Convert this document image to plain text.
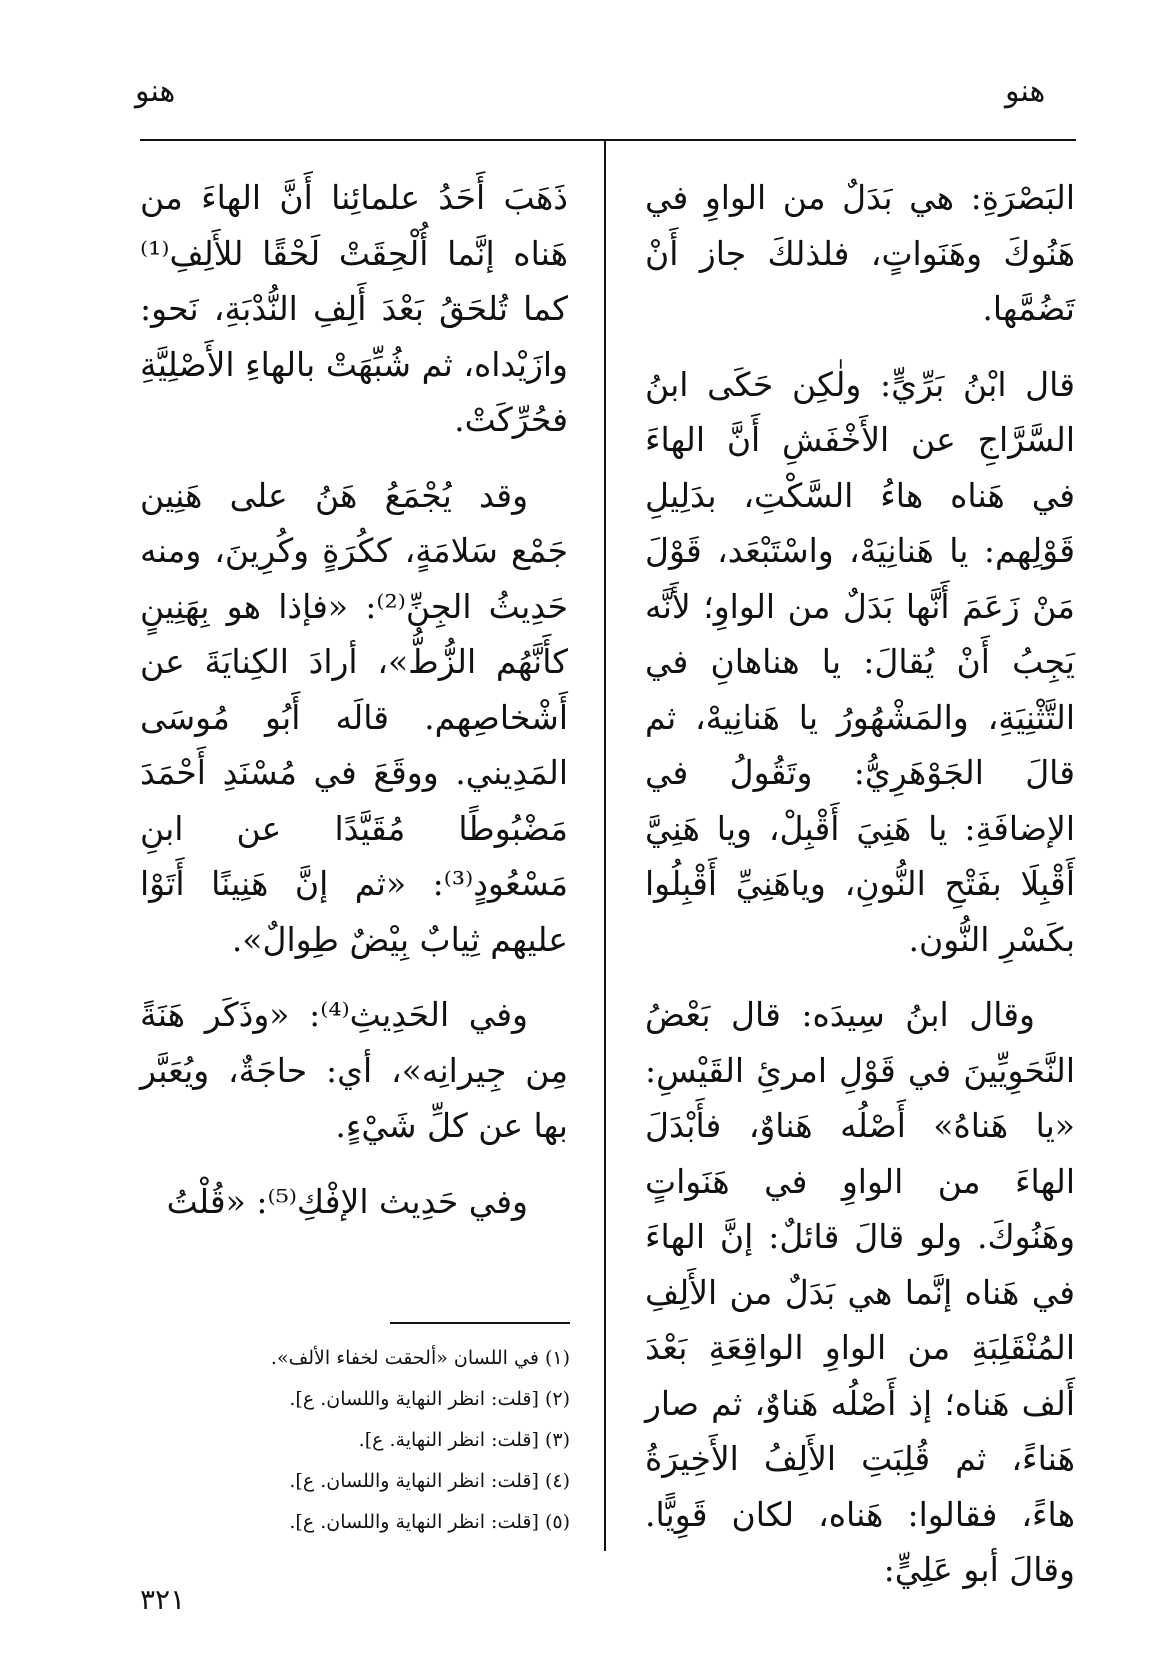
هنو
هنو

البَصْرَةِ: هي بَدَلٌ من الواوِ في هَنُوكَ وهَنَواتٍ، فلذلكَ جاز أَنْ تَضُمَّها.

قال ابْنُ بَرِّيٍّ: ولٰكِن حَكَى ابنُ السَّرَّاجِ عن الأَخْفَشِ أَنَّ الهاءَ في هَناه هاءُ السَّكْتِ، بدَلِيلِ قَوْلِهم: يا هَنانِيَهْ، واسْتَبْعَد، قَوْلَ مَنْ زَعَمَ أَنَّها بَدَلٌ من الواوِ؛ لأَنَّه يَجِبُ أَنْ يُقالَ: يا هناهانِ في التَّثْنِيَةِ، والمَشْهُورُ يا هَنانِيهْ، ثم قالَ الجَوْهَرِيُّ: وتَقُولُ في الإضافَةِ: يا هَنِيَ أَقْبِلْ، ويا هَنِيَّ أَقْبِلَا بفَتْحِ النُّونِ، وياهَنِيِّ أَقْبِلُوا بكَسْرِ النُّون.

وقال ابنُ سِيدَه: قال بَعْضُ النَّحَوِيِّينَ في قَوْلِ امرئِ القَيْسِ: «يا هَناهُ» أَصْلُه هَناوٌ، فأَبْدَلَ الهاءَ من الواوِ في هَنَواتٍ وهَنُوكَ. ولو قالَ قائلٌ: إنَّ الهاءَ في هَناه إنَّما هي بَدَلٌ من الأَلِفِ المُنْقَلِبَةِ من الواوِ الواقِعَةِ بَعْدَ أَلف هَناه؛ إذ أَصْلُه هَناوٌ، ثم صار هَناءً، ثم قُلِبَتِ الأَلِفُ الأَخِيرَةُ هاءً، فقالوا: هَناه، لكان قَوِيًّا. وقالَ أبو عَلِيٍّ:

ذَهَبَ أَحَدُ علمائِنا أَنَّ الهاءَ من هَناه إنَّما أُلْحِقَتْ لَحْقًا للأَلِفِ⁽¹⁾ كما تُلحَقُ بَعْدَ أَلِفِ النُّدْبَةِ، نَحو: وازَيْداه، ثم شُبِّهَتْ بالهاءِ الأَصْلِيَّةِ فحُرِّكَتْ.

وقد يُجْمَعُ هَنُ على هَنِين جَمْع سَلامَةٍ، ككُرَةٍ وكُرِينَ، ومنه حَدِيثُ الجِنِّ⁽²⁾: «فإذا هو بِهَنِينٍ كأَنَّهُم الزُّطُّ»، أرادَ الكِنايَةَ عن أَشْخاصِهم. قالَه أَبُو مُوسَى المَدِيني. ووقَعَ في مُسْنَدِ أَحْمَدَ مَضْبُوطًا مُقَيَّدًا عن ابنِ مَسْعُودٍ⁽³⁾: «ثم إنَّ هَنِينًا أَتَوْا عليهم ثِيابٌ بِيْضٌ طِوالٌ».

وفي الحَدِيثِ⁽⁴⁾: «وذَكَر هَنَةً مِن جِيرانِه»، أي: حاجَةٌ، ويُعَبَّر بها عن كلِّ شَيْءٍ.

وفي حَدِيث الإفْكِ⁽⁵⁾: «قُلْتُ

(١) في اللسان «ألحقت لخفاء الألف».
(٢) [قلت: انظر النهاية واللسان. ع].
(٣) [قلت: انظر النهاية. ع].
(٤) [قلت: انظر النهاية واللسان. ع].
(٥) [قلت: انظر النهاية واللسان. ع].
٣٢١
